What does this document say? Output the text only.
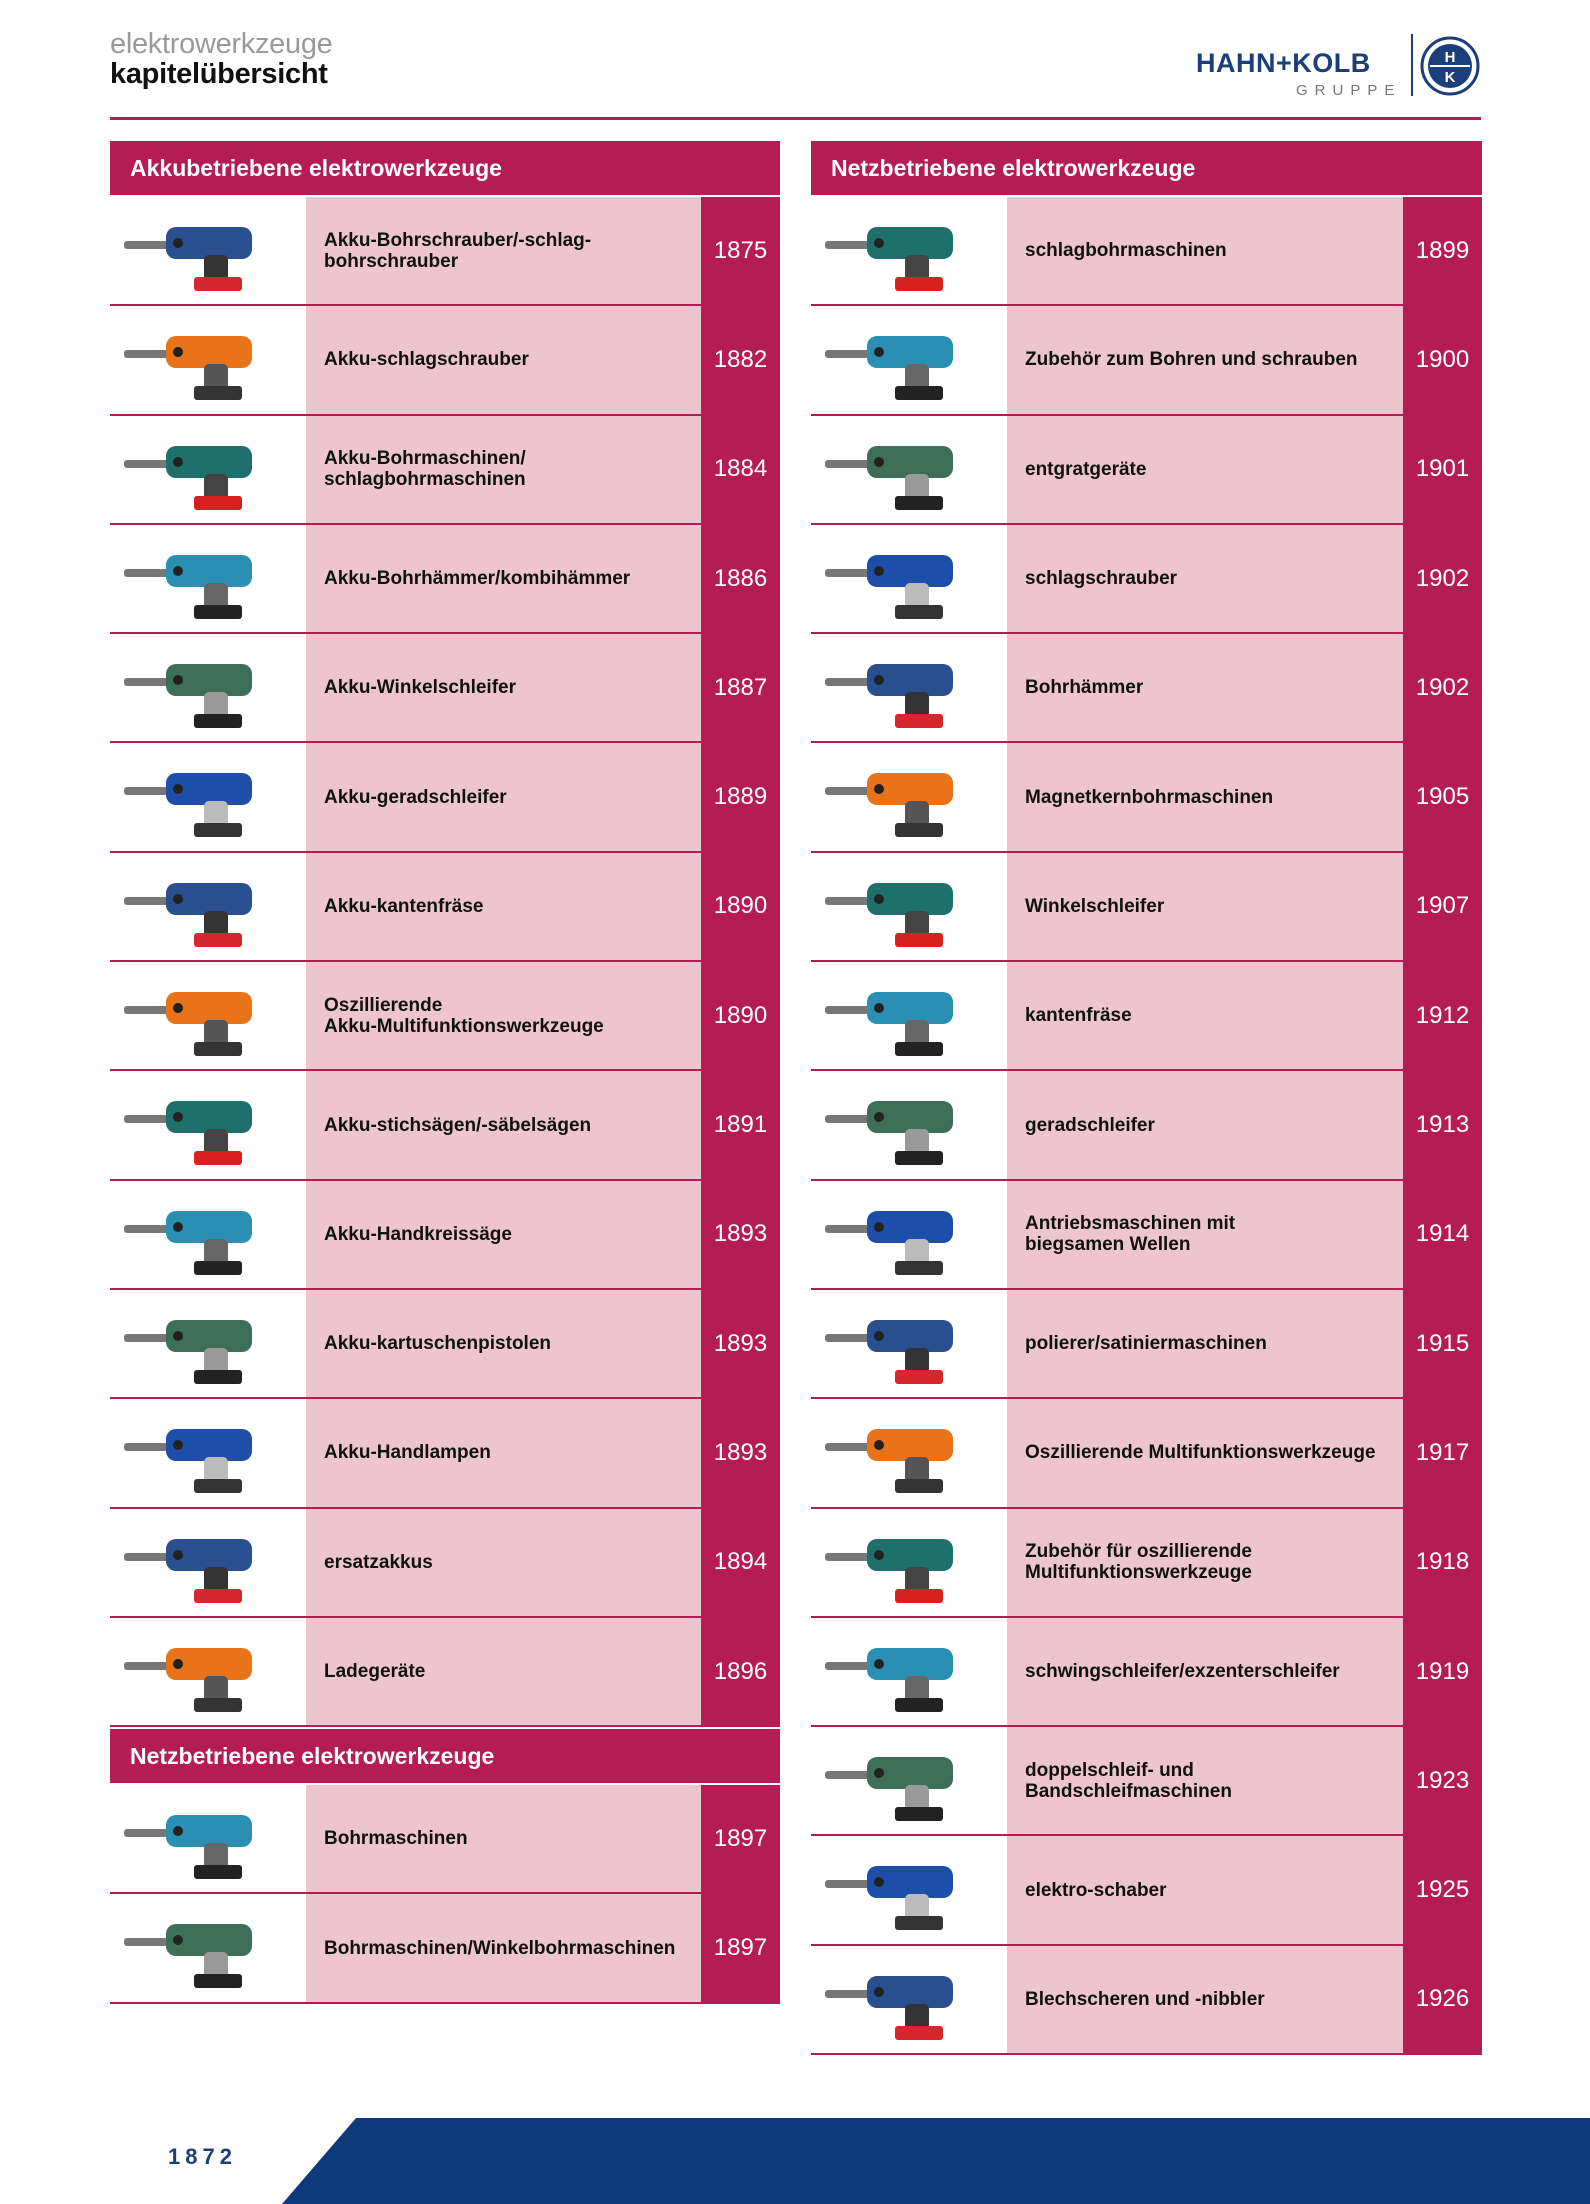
elektrowerkzeuge
kapitelübersicht	HAHN+KOLB
GRUPPE
H
K
Akkubetriebene elektrowerkzeuge
Akku-Bohrschrauber/-schlag-
bohrschrauber	1875
Akku-schlagschrauber	1882
Akku-Bohrmaschinen/
schlagbohrmaschinen	1884
Akku-Bohrhämmer/kombihämmer	1886
Akku-Winkelschleifer	1887
Akku-geradschleifer	1889
Akku-kantenfräse	1890
Oszillierende
Akku-Multifunktionswerkzeuge	1890
Akku-stichsägen/-säbelsägen	1891
Akku-Handkreissäge	1893
Akku-kartuschenpistolen	1893
Akku-Handlampen	1893
ersatzakkus	1894
Ladegeräte	1896
Netzbetriebene elektrowerkzeuge
Bohrmaschinen	1897
Bohrmaschinen/Winkelbohrmaschinen	1897
Netzbetriebene elektrowerkzeuge
schlagbohrmaschinen	1899
Zubehör zum Bohren und schrauben	1900
entgratgeräte	1901
schlagschrauber	1902
Bohrhämmer	1902
Magnetkernbohrmaschinen	1905
Winkelschleifer	1907
kantenfräse	1912
geradschleifer	1913
Antriebsmaschinen mit
biegsamen Wellen	1914
polierer/satiniermaschinen	1915
Oszillierende Multifunktionswerkzeuge	1917
Zubehör für oszillierende
Multifunktionswerkzeuge	1918
schwingschleifer/exzenterschleifer	1919
doppelschleif- und
Bandschleifmaschinen	1923
elektro-schaber	1925
Blechscheren und -nibbler	1926
1872
